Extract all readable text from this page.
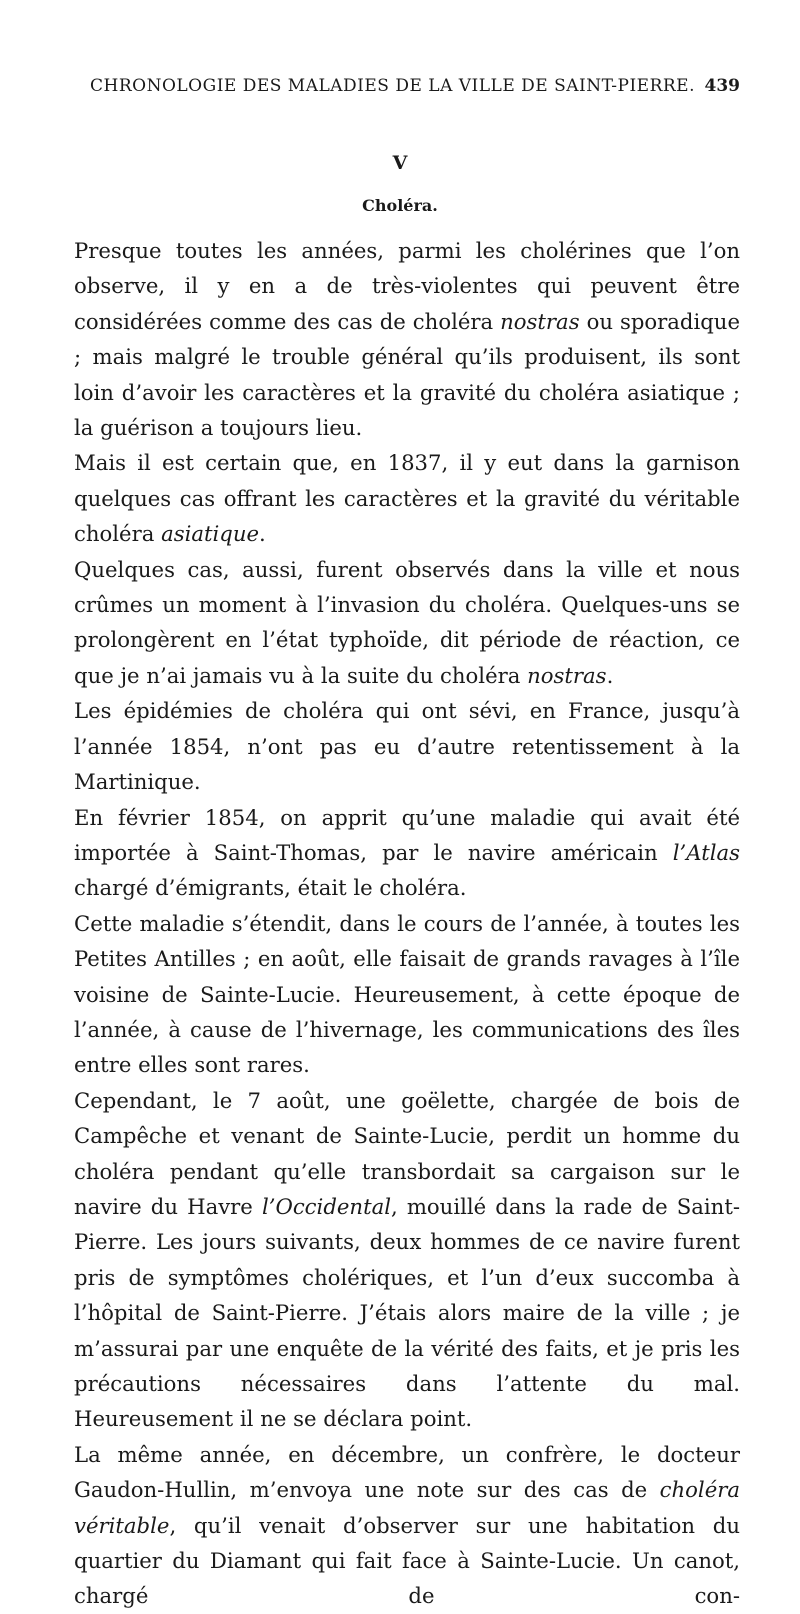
CHRONOLOGIE DES MALADIES DE LA VILLE DE SAINT-PIERRE. 439
V
Choléra.

Presque toutes les années, parmi les cholérines que l’on observe, il y en a de très-violentes qui peuvent être considérées comme des cas de choléra nostras ou sporadique ; mais malgré le trouble général qu’ils produisent, ils sont loin d’avoir les caractères et la gravité du choléra asiatique ; la guérison a toujours lieu.

Mais il est certain que, en 1837, il y eut dans la garnison quelques cas offrant les caractères et la gravité du véritable choléra asiatique.

Quelques cas, aussi, furent observés dans la ville et nous crûmes un moment à l’invasion du choléra. Quelques-uns se prolongèrent en l’état typhoïde, dit période de réaction, ce que je n’ai jamais vu à la suite du choléra nostras.

Les épidémies de choléra qui ont sévi, en France, jusqu’à l’année 1854, n’ont pas eu d’autre retentissement à la Martinique.

En février 1854, on apprit qu’une maladie qui avait été importée à Saint-Thomas, par le navire américain l’Atlas chargé d’émigrants, était le choléra.

Cette maladie s’étendit, dans le cours de l’année, à toutes les Petites Antilles ; en août, elle faisait de grands ravages à l’île voisine de Sainte-Lucie. Heureusement, à cette époque de l’année, à cause de l’hivernage, les communications des îles entre elles sont rares.

Cependant, le 7 août, une goëlette, chargée de bois de Campêche et venant de Sainte-Lucie, perdit un homme du choléra pendant qu’elle transbordait sa cargaison sur le navire du Havre l’Occidental, mouillé dans la rade de Saint-Pierre. Les jours suivants, deux hommes de ce navire furent pris de symptômes cholériques, et l’un d’eux succomba à l’hôpital de Saint-Pierre. J’étais alors maire de la ville ; je m’assurai par une enquête de la vérité des faits, et je pris les précautions nécessaires dans l’attente du mal. Heureusement il ne se déclara point.

La même année, en décembre, un confrère, le docteur Gaudon-Hullin, m’envoya une note sur des cas de choléra véritable, qu’il venait d’observer sur une habitation du quartier du Diamant qui fait face à Sainte-Lucie. Un canot, chargé de con-
